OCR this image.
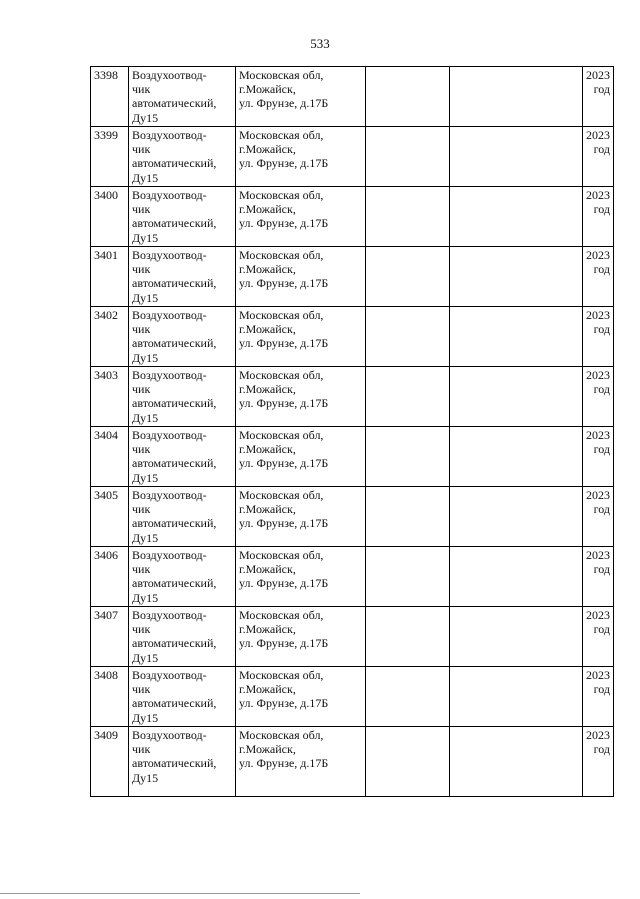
533
3398	Воздухоотвод-
чик
автоматический,
Ду15	Московская обл,
г.Можайск,
ул. Фрунзе, д.17Б			2023
год

3399	Воздухоотвод-
чик
автоматический,
Ду15	Московская обл,
г.Можайск,
ул. Фрунзе, д.17Б			2023
год

3400	Воздухоотвод-
чик
автоматический,
Ду15	Московская обл,
г.Можайск,
ул. Фрунзе, д.17Б			2023
год

3401	Воздухоотвод-
чик
автоматический,
Ду15	Московская обл,
г.Можайск,
ул. Фрунзе, д.17Б			2023
год

3402	Воздухоотвод-
чик
автоматический,
Ду15	Московская обл,
г.Можайск,
ул. Фрунзе, д.17Б			2023
год

3403	Воздухоотвод-
чик
автоматический,
Ду15	Московская обл,
г.Можайск,
ул. Фрунзе, д.17Б			2023
год

3404	Воздухоотвод-
чик
автоматический,
Ду15	Московская обл,
г.Можайск,
ул. Фрунзе, д.17Б			2023
год

3405	Воздухоотвод-
чик
автоматический,
Ду15	Московская обл,
г.Можайск,
ул. Фрунзе, д.17Б			2023
год

3406	Воздухоотвод-
чик
автоматический,
Ду15	Московская обл,
г.Можайск,
ул. Фрунзе, д.17Б			2023
год

3407	Воздухоотвод-
чик
автоматический,
Ду15	Московская обл,
г.Можайск,
ул. Фрунзе, д.17Б			2023
год

3408	Воздухоотвод-
чик
автоматический,
Ду15	Московская обл,
г.Можайск,
ул. Фрунзе, д.17Б			2023
год

3409	Воздухоотвод-
чик
автоматический,
Ду15	Московская обл,
г.Можайск,
ул. Фрунзе, д.17Б			2023
год
